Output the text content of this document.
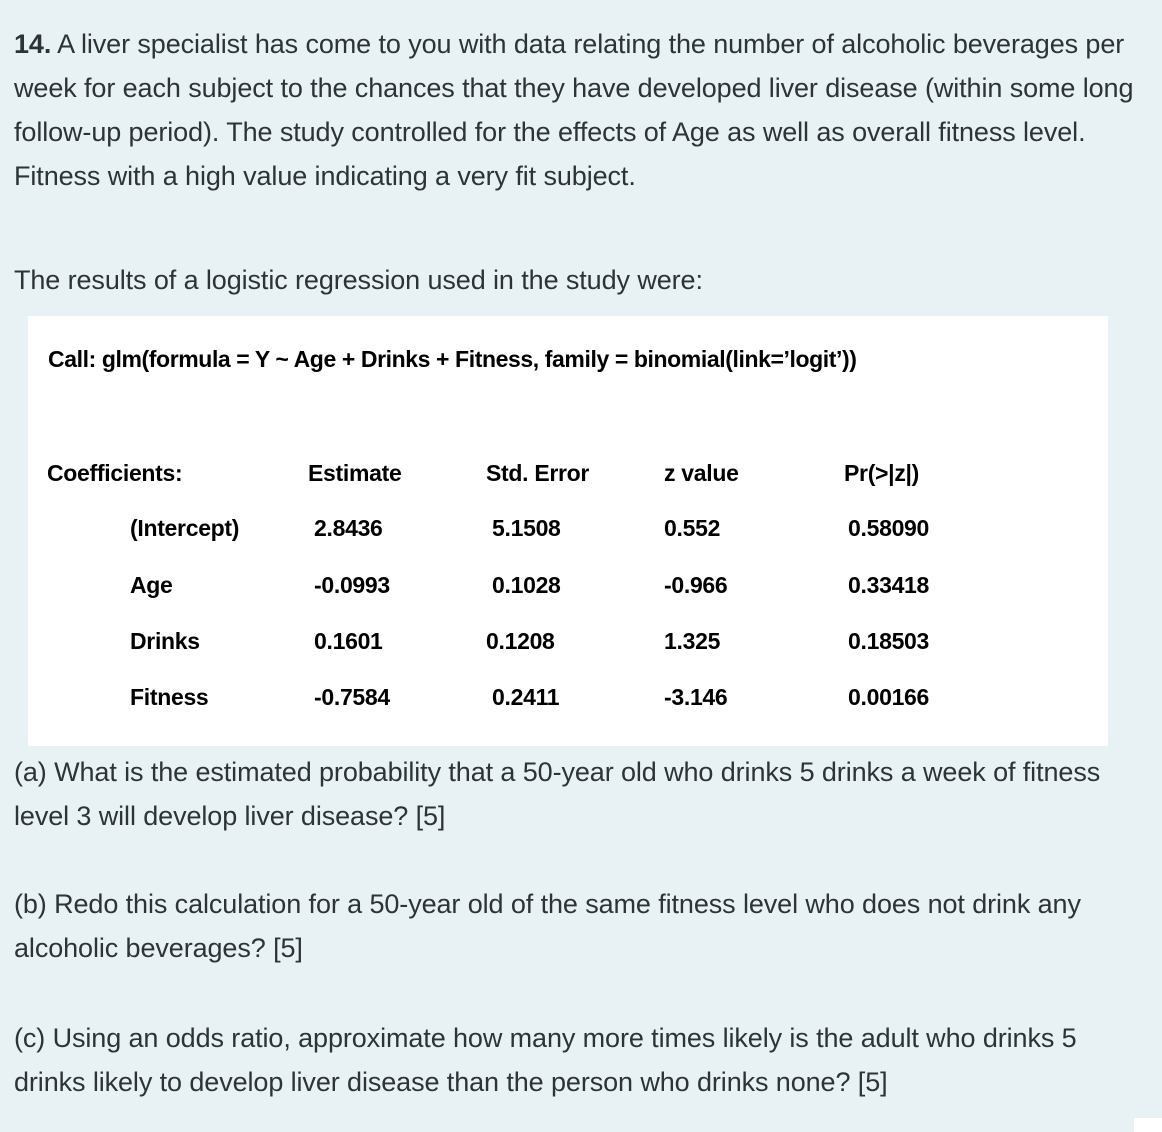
14. A liver specialist has come to you with data relating the number of alcoholic beverages per week for each subject to the chances that they have developed liver disease (within some long follow-up period). The study controlled for the effects of Age as well as overall fitness level. Fitness with a high value indicating a very fit subject.

The results of a logistic regression used in the study were:

Call: glm(formula = Y ~ Age + Drinks + Fitness, family = binomial(link=’logit’))
Coefficients:	Estimate	Std. Error	z value	Pr(>|z|)
(Intercept)	2.8436	5.1508	0.552	0.58090
Age	-0.0993	0.1028	-0.966	0.33418
Drinks	0.1601	0.1208	1.325	0.18503
Fitness	-0.7584	0.2411	-3.146	0.00166

(a) What is the estimated probability that a 50-year old who drinks 5 drinks a week of fitness level 3 will develop liver disease? [5]

(b) Redo this calculation for a 50-year old of the same fitness level who does not drink any alcoholic beverages? [5]

(c) Using an odds ratio, approximate how many more times likely is the adult who drinks 5 drinks likely to develop liver disease than the person who drinks none? [5]
